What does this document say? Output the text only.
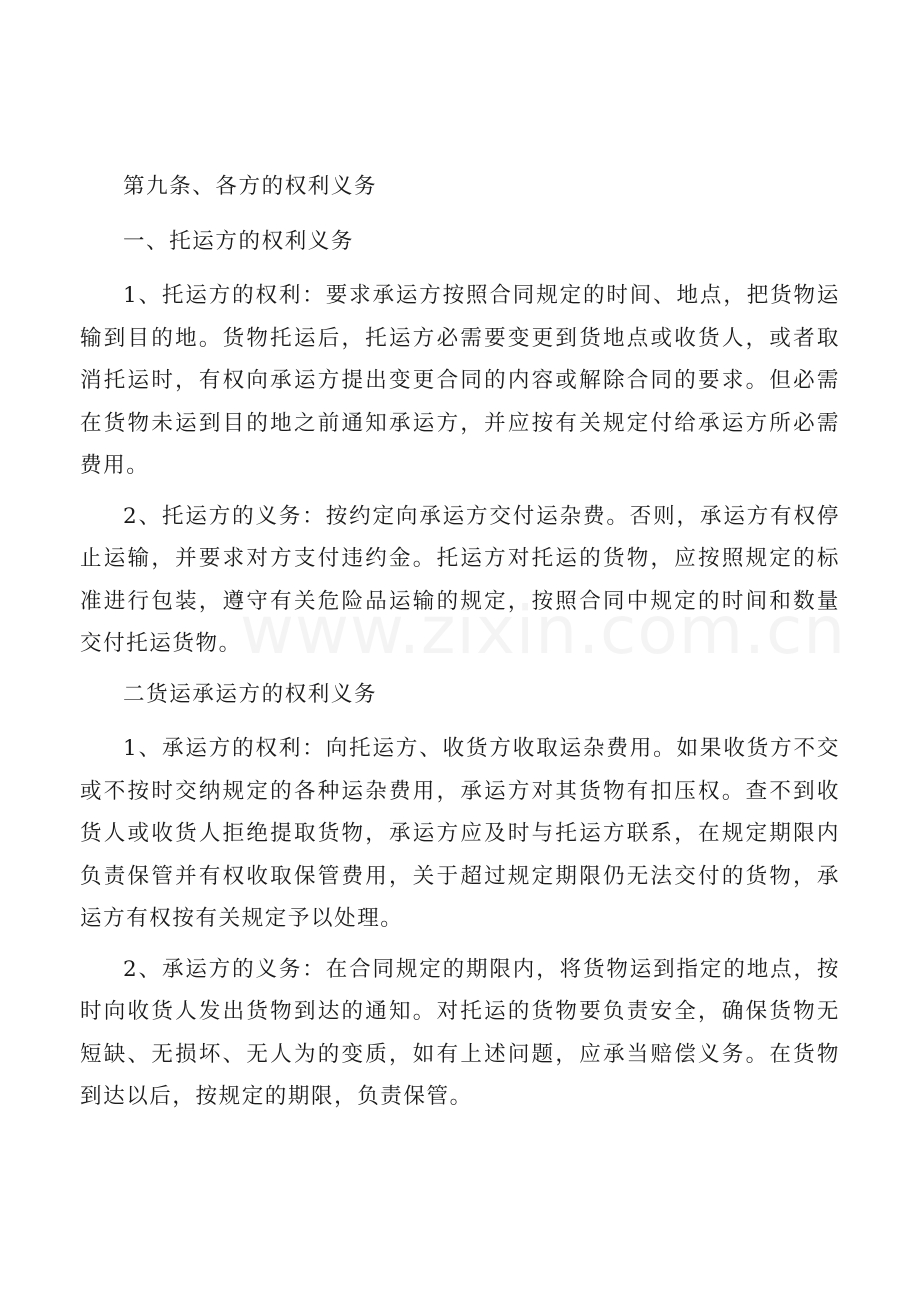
第九条、各方的权利义务

一、托运方的权利义务

1、托运方的权利：要求承运方按照合同规定的时间、地点，把货物运输到目的地。货物托运后，托运方必需要变更到货地点或收货人，或者取消托运时，有权向承运方提出变更合同的内容或解除合同的要求。但必需在货物未运到目的地之前通知承运方，并应按有关规定付给承运方所必需费用。

2、托运方的义务：按约定向承运方交付运杂费。否则，承运方有权停止运输，并要求对方支付违约金。托运方对托运的货物，应按照规定的标准进行包装，遵守有关危险品运输的规定，按照合同中规定的时间和数量交付托运货物。

二货运承运方的权利义务

1、承运方的权利：向托运方、收货方收取运杂费用。如果收货方不交或不按时交纳规定的各种运杂费用，承运方对其货物有扣压权。查不到收货人或收货人拒绝提取货物，承运方应及时与托运方联系，在规定期限内负责保管并有权收取保管费用，关于超过规定期限仍无法交付的货物，承运方有权按有关规定予以处理。

2、承运方的义务：在合同规定的期限内，将货物运到指定的地点，按时向收货人发出货物到达的通知。对托运的货物要负责安全，确保货物无短缺、无损坏、无人为的变质，如有上述问题，应承当赔偿义务。在货物到达以后，按规定的期限，负责保管。
